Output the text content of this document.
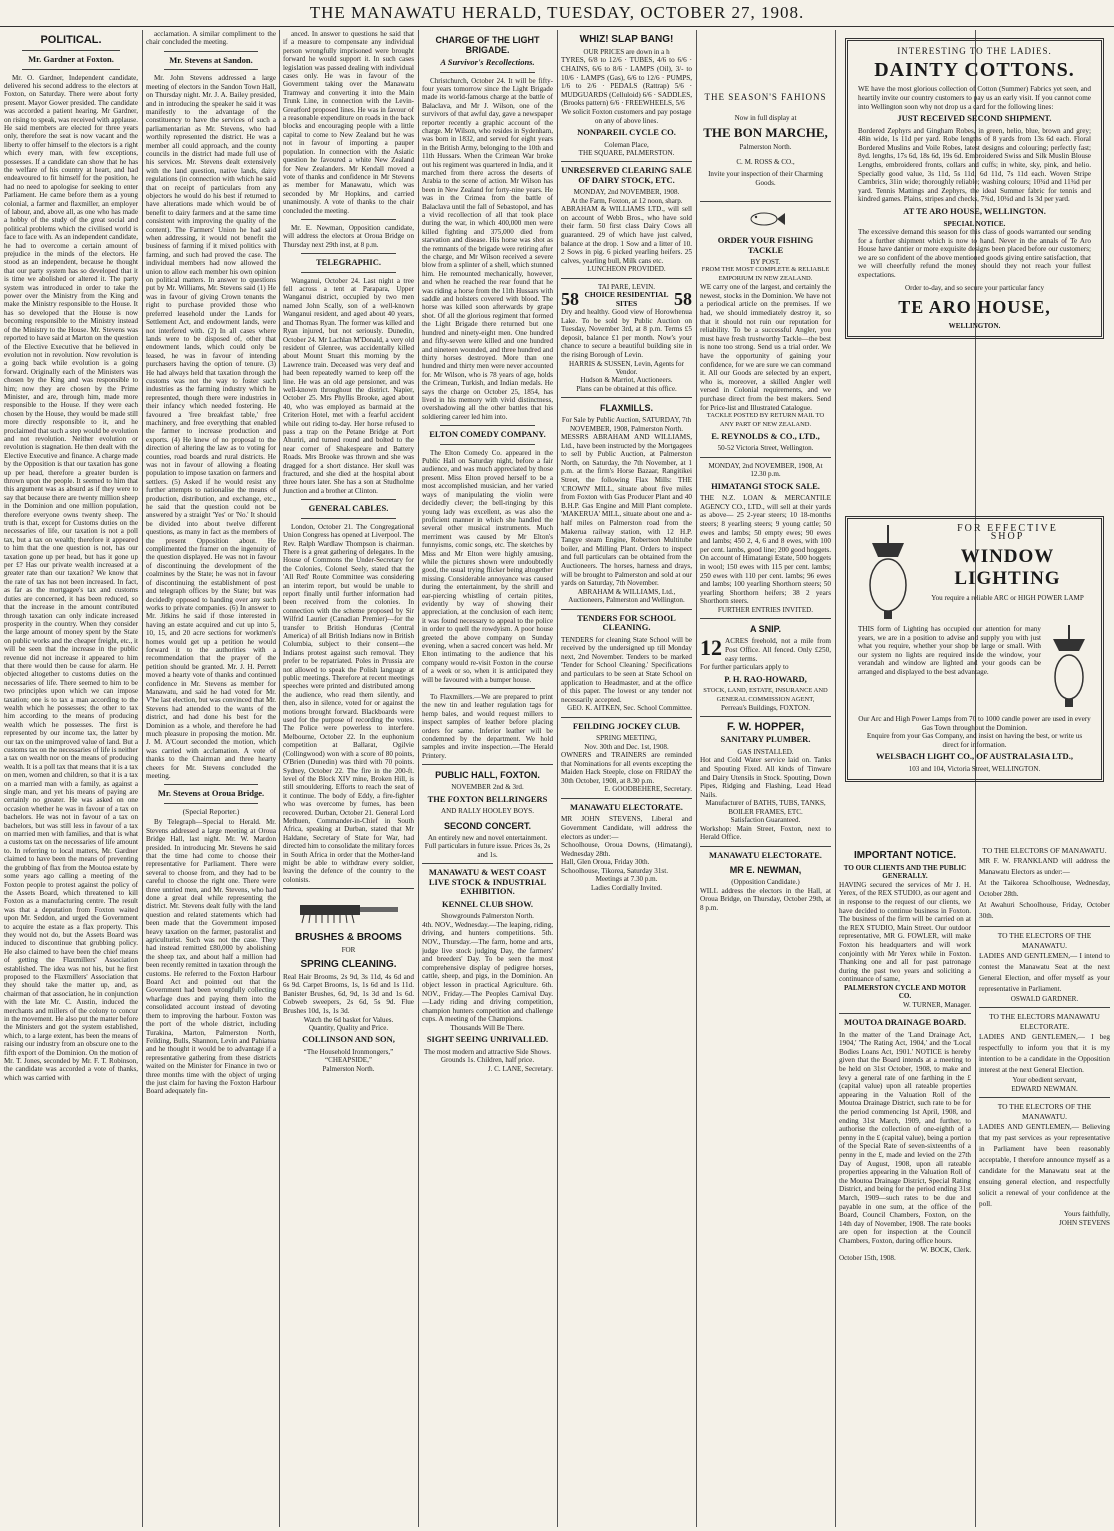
THE MANAWATU HERALD, TUESDAY, OCTOBER 27, 1908.
POLITICAL.
Mr. Gardner at Foxton.

Mr. O. Gardner, Independent candidate, delivered his second address to the electors at Foxton, on Saturday. There were about forty present. Mayor Gower presided. The candidate was accorded a patient hearing. Mr Gardner, on rising to speak, was received with applause. He said members are elected for three years only, therefore the seat is now vacant and the liberty to offer himself to the electors is a right which every man, with few exceptions, possesses. If a candidate can show that he has the welfare of his country at heart, and had endeavoured to fit himself for the position, he had no need to apologise for seeking to enter Parliament. He came before them as a young colonial, a farmer and flaxmiller, an employer of labour, and, above all, as one who has made a hobby of the study of the great social and political problems which the civilised world is face to face with. As an independent candidate, he had to overcome a certain amount of prejudice in the minds of the electors. He stood as an independent, because he thought that our party system has so developed that it is time we abolished or altered it. The party system was introduced in order to take the power over the Ministry from the King and make the Ministry responsible to the House. It has so developed that the House is now becoming responsible to the Ministry instead of the Ministry to the House. Mr. Stevens was reported to have said at Marton on the question of the Elective Executive that he believed in evolution not in revolution. Now revolution is a going back while evolution is a going forward. Originally each of the Ministers was chosen by the King and was responsible to him; now they are chosen by the Prime Minister, and are, through him, made more responsible to the House. If they were each chosen by the House, they would be made still more directly responsible to it, and he proclaimed that such a step would be evolution and not revolution. Neither evolution or revolution is stagnation. He then dealt with the Elective Executive and finance. A charge made by the Opposition is that our taxation has gone up per head, therefore a greater burden is thrown upon the people. It seemed to him that this argument was as absurd as if they were to say that because there are twenty million sheep in the Dominion and one million population, therefore everyone owns twenty sheep. The truth is that, except for Customs duties on the necessaries of life, our taxation is not a poll tax, but a tax on wealth; therefore it appeared to him that the one question is not, has our taxation gone up per head, but has it gone up per £? Has our private wealth increased at a greater rate than our taxation? We know that the rate of tax has not been increased. In fact, as far as the mortgagee's tax and customs duties are concerned, it has been reduced, so that the increase in the amount contributed through taxation can only indicate increased prosperity in the country. When they consider the large amount of money spent by the State on public works and the cheaper freight, etc., it will be seen that the increase in the public revenue did not increase it appeared to him that there would then be cause for alarm. He objected altogether to customs duties on the necessaries of life. There seemed to him to be two principles upon which we can impose taxation; one is to tax a man according to the wealth which he possesses; the other to tax him according to the means of producing wealth which he possesses. The first is represented by our income tax, the latter by our tax on the unimproved value of land. But a customs tax on the necessaries of life is neither a tax on wealth nor on the means of producing wealth. It is a poll tax that means that it is a tax on men, women and children, so that it is a tax on a married man with a family, as against a single man, and yet his means of paying are certainly no greater. He was asked on one occasion whether he was in favour of a tax on bachelors. He was not in favour of a tax on bachelors, but was still less in favour of a tax on married men with families, and that is what a customs tax on the necessaries of life amount to. In referring to local matters, Mr. Gardner claimed to have been the means of preventing the grubbing of flax from the Moutoa estate by some years ago calling a meeting of the Foxton people to protest against the policy of the Assets Board, which threatened to kill Foxton as a manufacturing centre. The result was that a deputation from Foxton waited upon Mr. Seddon, and urged the Government to acquire the estate as a flax property. This they would not do, but the Assets Board was induced to discontinue that grubbing policy. He also claimed to have been the chief means of getting the Flaxmillers' Association established. The idea was not his, but he first proposed to the Flaxmillers' Association that they should take the matter up, and, as chairman of that association, he in conjunction with the late Mr. C. Austin, induced the merchants and millers of the colony to concur in the movement. He also put the matter before the Ministers and got the system established, which, to a large extent, has been the means of raising our industry from an obscure one to the fifth export of the Dominion. On the motion of Mr. T. Jones, seconded by Mr. F. T. Robinson, the candidate was accorded a vote of thanks, which was carried with

acclamation. A similar compliment to the chair concluded the meeting.

Mr. Stevens at Sandon.

Mr. John Stevens addressed a large meeting of electors in the Sandon Town Hall, on Thursday night. Mr. J. A. Bailey presided, and in introducing the speaker he said it was manifestly to the advantage of the constituency to have the services of such a parliamentarian as Mr. Stevens, who had worthily represented the district. He was a member all could approach, and the county councils in the district had made full use of his services. Mr. Stevens dealt extensively with the land question, native lands, dairy regulations (in connection with which he said that on receipt of particulars from any objectors he would do his best if returned to have alterations made which would be of benefit to dairy farmers and at the same time consistent with improving the quality of the content). The Farmers' Union he had said when addressing, it would not benefit the business of farming if it mixed politics with farming, and such had proved the case. The individual members had now allowed the union to allow each member his own opinion on political matters. In answer to questions put by Mr. Williams, Mr. Stevens said (1) He was in favour of giving Crown tenants the right to purchase provided those who preferred leasehold under the Lands for Settlement Act, and endowment lands, were not interfered with. (2) In all cases where lands were to be disposed of, other that endowment lands, which could only be leased, he was in favour of intending purchasers having the option of tenure. (3) He had always held that taxation through the customs was not the way to foster such industries as the farming industry which he represented, though there were industries in their infancy which needed fostering. He favoured a 'free breakfast table,' free machinery, and free everything that enabled the farmer to increase production and exports. (4) He knew of no proposal to the direction of altering the law as to voting for counties, road boards and rural districts. He was not in favour of allowing a floating population to impose taxation on farmers and settlers. (5) Asked if he would resist any further attempts to nationalise the means of production, distribution, and exchange, etc., he said that the question could not be answered by a straight 'Yes' or 'No.' It should be divided into about twelve different questions, as many in fact as the members of the present Opposition about. He complimented the framer on the ingenuity of the question displayed. He was not in favour of discontinuing the development of the coalmines by the State; he was not in favour of discontinuing the establishment of post and telegraph offices by the State; but was decidedly opposed to handing over any such works to private companies. (6) In answer to Mr. Jitkins he said if those interested in having an estate acquired and cut up into 5, 10, 15, and 20 acre sections for workmen's homes would get up a petition he would forward it to the authorities with a recommendation that the prayer of the petition should be granted. Mr. J. H. Perrett moved a hearty vote of thanks and continued confidence in Mr. Stevens as member for Manawatu, and said he had voted for Mr. V'he last election, but was convinced that Mr. Stevens had attended to the wants of the district, and had done his best for the Dominion as a whole, and therefore he had much pleasure in proposing the motion. Mr. J. M. A'Court seconded the motion, which was carried with acclamation. A vote of thanks to the Chairman and three hearty cheers for Mr. Stevens concluded the meeting.

Mr. Stevens at Oroua Bridge.
(Special Reporter.)

By Telegraph—Special to Herald. Mr. Stevens addressed a large meeting at Oroua Bridge Hall, last night. Mr. W. Mardon presided. In introducing Mr. Stevens he said that the time had come to choose their representative for Parliament. There were several to choose from, and they had to be careful to choose the right one. There were three untried men, and Mr. Stevens, who had done a great deal while representing the district. Mr. Stevens dealt fully with the land question and related statements which had been made that the Government imposed heavy taxation on the farmer, pastoralist and agriculturist. Such was not the case. They had instead remitted £80,000 by abolishing the sheep tax, and about half a million had been recently remitted in taxation through the customs. He referred to the Foxton Harbour Board Act and pointed out that the Government had been wrongfully collecting wharfage dues and paying them into the consolidated account instead of devoting them to improving the harbour. Foxton was the port of the whole district, including Turakina, Marton, Palmerston North, Feilding, Bulls, Shannon, Levin and Pahiatua and he thought it would be to advantage if a representative gathering from these districts waited on the Minister for Finance in two or three months time with the object of urging the just claim for having the Foxton Harbour Board adequately fin-

anced. In answer to questions he said that if a measure to compensate any individual person wrongfully imprisoned were brought forward he would support it. In such cases legislation was passed dealing with individual cases only. He was in favour of the Government taking over the Manawatu Tramway and converting it into the Main Trunk Line, in connection with the Levin-Greatford proposed lines. He was in favour of a reasonable expenditure on roads in the back blocks and encouraging people with a little capital to come to New Zealand but he was not in favour of importing a pauper population. In connection with the Asiatic question he favoured a white New Zealand for New Zealanders. Mr Kendall moved a vote of thanks and confidence in Mr Stevens as member for Manawatu, which was seconded by Mr Hopkins, and carried unanimously. A vote of thanks to the chair concluded the meeting.

Mr. E. Newman, Opposition candidate, will address the electors at Oroua Bridge on Thursday next 29th inst, at 8 p.m.

TELEGRAPHIC.

Wanganui, October 24. Last night a tree fell across a tent at Parapara, Upper Wanganui district, occupied by two men named John Scally, son of a well-known Wanganui resident, and aged about 40 years, and Thomas Ryan. The former was killed and Ryan injured, but not seriously. Dunedin, October 24. Mr Lachlan M'Donald, a very old resident of Glenree, was accidentally killed about Mount Stuart this morning by the Lawrence train. Deceased was very deaf and had been repeatedly warned to keep off the line. He was an old age pensioner, and was well-known throughout the district. Napier, October 25. Mrs Phyllis Brooke, aged about 40, who was employed as barmaid at the Criterion Hotel, met with a fearful accident while out riding to-day. Her horse refused to pass a trap on the Petane Bridge at Port Ahuriri, and turned round and bolted to the near corner of Shakespeare and Battery Roads. Mrs Brooke was thrown and she was dragged for a short distance. Her skull was fractured, and she died at the hospital about three hours later. She has a son at Studholme Junction and a brother at Clinton.

GENERAL CABLES.

London, October 21. The Congregational Union Congress has opened at Liverpool. The Rev. Ralph Wardlaw Thompson is chairman. There is a great gathering of delegates. In the House of Commons the Under-Secretary for the Colonies, Colonel Seely, stated that the 'All Red' Route Committee was considering an interim report, but would be unable to report finally until further information had been received from the colonies. In connection with the scheme proposed by Sir Wilfrid Laurier (Canadian Premier)—for the transfer to British Honduras (Central America) of all British Indians now in British Columbia, subject to their consent—the Indians protest against such removal. They prefer to be repatriated. Poles in Prussia are not allowed to speak the Polish language at public meetings. Therefore at recent meetings speeches were printed and distributed among the audience, who read them silently, and then, also in silence, voted for or against the motions brought forward. Blackboards were used for the purpose of recording the votes. The Police were powerless to interfere. Melbourne, October 22. In the euphonium competition at Ballarat, Ogilvie (Collingwood) won with a score of 80 points, O'Brien (Dunedin) was third with 70 points. Sydney, October 22. The fire in the 200-ft. level of the Block XIV mine, Broken Hill, is still smouldering. Efforts to reach the seat of it continue. The body of Eddy, a fire-fighter who was overcome by fumes, has been recovered. Durban, October 21. General Lord Methuen, Commander-in-Chief in South Africa, speaking at Durban, stated that Mr Haldane, Secretary of State for War, had directed him to consolidate the military forces in South Africa in order that the Mother-land might be able to withdraw every soldier, leaving the defence of the country to the colonists.

BRUSHES & BROOMS
FOR
SPRING CLEANING.
Real Hair Brooms, 2s 9d, 3s 11d, 4s 6d and 6s 9d. Carpet Brooms, 1s, 1s 6d and 1s 11d. Banister Brushes, 6d, 9d, 1s 3d and 1s 6d. Cobweb sweepers, 2s 6d, 5s 9d. Flue Brushes 10d, 1s, 1s 3d.
Watch the 6d basket for Values.
Quantity, Quality and Price.
COLLINSON AND SON,
“The Household Ironmongers,”
“CHEAPSIDE,”
Palmerston North.
CHARGE OF THE LIGHT BRIGADE.
A Survivor's Recollections.

Christchurch, October 24. It will be fifty-four years tomorrow since the Light Brigade made its world-famous charge at the battle of Balaclava, and Mr J. Wilson, one of the survivors of that awful day, gave a newspaper reporter recently a graphic account of the charge. Mr Wilson, who resides in Sydenham, was born in 1832, and served for eight years in the British Army, belonging to the 10th and 11th Hussars. When the Crimean War broke out his regiment was quartered in India, and it marched from there across the deserts of Arabia to the scene of action. Mr Wilson has been in New Zealand for forty-nine years. He was in the Crimea from the battle of Balaclava until the fall of Sebastopol, and has a vivid recollection of all that took place during the war, in which 400,000 men were killed fighting and 375,000 died from starvation and disease. His horse was shot as the remnants of the brigade were retiring after the charge, and Mr Wilson received a severe blow from a splinter of a shell, which stunned him. He remounted mechanically, however, and when he reached the rear found that he was riding a horse from the 11th Hussars with saddle and holsters covered with blood. The horse was killed soon afterwards by grape shot. Of all the glorious regiment that formed the Light Brigade there returned but one hundred and ninety-eight men. One hundred and fifty-seven were killed and one hundred and nineteen wounded, and three hundred and thirty horses destroyed. More than one hundred and thirty men were never accounted for. Mr Wilson, who is 78 years of age, holds the Crimean, Turkish, and Indian medals. He says the charge on October 25, 1854, has lived in his memory with vivid distinctness, overshadowing all the other battles that his soldiering career led him into.

ELTON COMEDY COMPANY.

The Elton Comedy Co. appeared in the Public Hall on Saturday night, before a fair audience, and was much appreciated by those present. Miss Elton proved herself to be a most accomplished musician, and her varied ways of manipulating the violin were decidedly clever; the bell-ringing by this young lady was excellent, as was also the proficient manner in which she handled the several other musical instruments. Much merriment was caused by Mr Elton's funnyisms, comic songs, etc. The sketches by Miss and Mr Elton were highly amusing, while the pictures shown were undoubtedly good, the usual trying flicker being altogether missing. Considerable annoyance was caused during the entertainment, by the shrill and ear-piercing whistling of certain pitites, evidently by way of showing their appreciation, at the conclusion of each item; it was found necessary to appeal to the police in order to quell the rowdyism. A poor house greeted the above company on Sunday evening, when a sacred concert was held. Mr Elton intimating to the audience that his company would re-visit Foxton in the course of a week or so, when it is anticipated they will be favoured with a bumper house.

To Flaxmillers.—We are prepared to print the new tin and leather regulation tags for hemp bales, and would request millers to inspect samples of leather before placing orders for same. Inferior leather will be condemned by the department. We hold samples and invite inspection.—The Herald Printery.

PUBLIC HALL, FOXTON.
NOVEMBER 2nd & 3rd.
THE FOXTON BELLRINGERS
AND RALLY HOOLEY BOYS.
SECOND CONCERT.
An entirely new and novel entertainment. Full particulars in future issue. Prices 3s, 2s and 1s.
MANAWATU & WEST COAST LIVE STOCK & INDUSTRIAL EXHIBITION.
KENNEL CLUB SHOW.
Showgrounds Palmerston North.
4th. NOV., Wednesday.—The leaping, riding, driving, and hunters competitions. 5th. NOV., Thursday.—The farm, home and arts, judge live stock judging Day, the farmers' and breeders' Day. To be seen the most comprehensive display of pedigree horses, cattle, sheep, and pigs, in the Dominion. An object lesson in practical Agriculture. 6th. NOV., Friday.—The Peoples Carnival Day.—Lady riding and driving competition, champion hunters competition and challenge cups. A meeting of the Champions.
Thousands Will Be There.
SIGHT SEEING UNRIVALLED.
The most modern and attractive Side Shows.
Grounds 1s. Children, half price.
J. C. LANE, Secretary.
WHIZ! SLAP BANG!
OUR PRICES are down in a h
TYRES, 6/8 to 12/6 · TUBES, 4/6 to 6/6 · CHAINS, 6/6 to 8/6 · LAMPS (Oil), 3/- to 10/6 · LAMPS (Gas), 6/6 to 12/6 · PUMPS, 1/6 to 2/6 · PEDALS (Rattrap) 5/6 · MUDGUARDS (Celluloid) 6/6 · SADDLES, (Brooks pattern) 6/6 · FREEWHEELS, 5/6
We solicit Foxton customers and pay postage on any of above lines.
NONPAREIL CYCLE CO.
Coleman Place,
THE SQUARE, PALMERSTON.
UNRESERVED CLEARING SALE OF DAIRY STOCK, ETC.
MONDAY, 2nd NOVEMBER, 1908.
At the Farm, Foxton, at 12 noon, sharp.
ABRAHAM & WILLIAMS LTD., will sell on account of Webb Bros., who have sold their farm. 50 first class Dairy Cows all guaranteed. 29 of which have just calved, balance at the drop. 1 Sow and a litter of 10. 2 Sows in pig. 6 picked yearling heifers. 25 calves, yearling bull, Milk cans etc.
LUNCHEON PROVIDED.
TAI PARE, LEVIN.
58 CHOICE RESIDENTIAL SITES	58
Dry and healthy. Good view of Horowhenua Lake. To be sold by Public Auction on Tuesday, November 3rd, at 8 p.m. Terms £5 deposit, balance £1 per month. Now's your chance to secure a beautiful building site in the rising Borough of Levin.
HARRIS & SUSSEN, Levin, Agents for Vendor.
Hudson & Marriot, Auctioneers.
Plans can be obtained at this office.
FLAXMILLS.
For Sale by Public Auction, SATURDAY, 7th NOVEMBER, 1908, Palmerston North.
MESSRS ABRAHAM AND WILLIAMS, Ltd., have been instructed by the Mortgagees to sell by Public Auction, at Palmerston North, on Saturday, the 7th November, at 1 p.m. at the firm's Horse Bazaar, Rangitikei Street, the following Flax Mills: THE 'CROWN' MILL, situate about five miles from Foxton with Gas Producer Plant and 40 B.H.P. Gas Engine and Mill Plant complete. 'MAKERUA' MILL, situate about one and a-half miles on Palmerston road from the Makerua railway station, with 12 H.P. Tangye steam Engine, Robertson Multitube boiler, and Milling Plant. Orders to inspect and full particulars can be obtained from the Auctioneers. The horses, harness and drays, will be brought to Palmerston and sold at our yards on Saturday, 7th November.
ABRAHAM & WILLIAMS, Ltd., Auctioneers, Palmerston and Wellington.
TENDERS FOR SCHOOL CLEANING.
TENDERS for cleaning State School will be received by the undersigned up till Monday next, 2nd November. Tenders to be marked 'Tender for School Cleaning.' Specifications and particulars to be seen at State School on application to Headmaster, and at the office of this paper. The lowest or any tender not necessarily accepted.
GEO. K. AITKEN, Sec. School Committee.
FEILDING JOCKEY CLUB.
SPRING MEETING,
Nov. 30th and Dec. 1st, 1908.
OWNERS and TRAINERS are reminded that Nominations for all events excepting the Maiden Hack Steeple, close on FRIDAY the 30th October, 1908, at 8.30 p.m.
E. GOODBEHERE, Secretary.
MANAWATU ELECTORATE.
MR JOHN STEVENS, Liberal and Government Candidate, will address the electors as under:—
Schoolhouse, Oroua Downs, (Himatangi), Wednesday 28th.
Hall, Glen Oroua, Friday 30th.
Schoolhouse, Tikorea, Saturday 31st.
Meetings at 7.30 p.m.
Ladies Cordially Invited.
THE SEASON'S FAHIONS
Now in full display at
THE BON MARCHE,
Palmerston North.
C. M. ROSS & CO.,
Invite your inspection of their Charming Goods.
ORDER YOUR FISHING TACKLE
BY POST.
FROM THE MOST COMPLETE & RELIABLE EMPORIUM IN NEW ZEALAND.
WE carry one of the largest, and certainly the newest, stocks in the Dominion. We have not a periodical article on the premises. If we had, we should immediately destroy it, so that it should not ruin our reputation for reliability. To be a successful Angler, you must have fresh trustworthy Tackle—the best is none too strong. Send us a trial order. We have the opportunity of gaining your confidence, for we are sure we can command it. All our Goods are selected by an expert, who is, moreover, a skilled Angler well versed in Colonial requirements, and we purchase direct from the best makers. Send for Price-list and Illustrated Catalogue.
TACKLE POSTED BY RETURN MAIL TO ANY PART OF NEW ZEALAND.
E. REYNOLDS & CO., LTD.,
50-52 Victoria Street, Wellington.
MONDAY, 2nd NOVEMBER, 1908, At 12.30 p.m.
HIMATANGI STOCK SALE.
THE N.Z. LOAN & MERCANTILE AGENCY CO., LTD., will sell at their yards as above— 25 2-year steers; 10 18-months steers; 8 yearling steers; 9 young cattle; 50 ewes and lambs; 50 empty ewes; 90 ewes and lambs; 450 2, 4, 6 and 8 ewes, with 100 per cent. lambs, good line; 200 good hoggets. On account of Himatangi Estate, 500 hoggets in wool; 150 ewes with 115 per cent. lambs; 250 ewes with 110 per cent. lambs; 96 ewes and lambs; 100 yearling Shorthorn steers; 50 yearling Shorthorn heifers; 38 2 years Shorthorn steers.
FURTHER ENTRIES INVITED.
A SNIP.
12 ACRES freehold, not a mile from Post Office. All fenced. Only £250, easy terms.
For further particulars apply to
P. H. RAO-HOWARD,
STOCK, LAND, ESTATE, INSURANCE AND GENERAL COMMISSION AGENT,
Perreau's Buildings, FOXTON.
F. W. HOPPER,
SANITARY PLUMBER.
GAS INSTALLED.
Hot and Cold Water service laid on. Tanks and Spouting Fixed. All kinds of Tinware and Dairy Utensils in Stock. Spouting, Down Pipes, Ridging and Flashing, Lead Head Nails.
Manufacturer of BATHS, TUBS, TANKS, BOILER FRAMES, ETC.
Satisfaction Guaranteed.
Workshop: Main Street, Foxton, next to Herald Office.
MANAWATU ELECTORATE.
MR E. NEWMAN,
(Opposition Candidate.)
WILL address the electors in the Hall, at Oroua Bridge, on Thursday, October 29th, at 8 p.m.
INTERESTING TO THE LADIES.
DAINTY COTTONS.
WE have the most glorious collection of Cotton (Summer) Fabrics yet seen, and heartily invite our country customers to pay us an early visit. If you cannot come into Wellington soon why not drop us a card for the following lines:
JUST RECEIVED SECOND SHIPMENT.
Bordered Zephyrs and Gingham Robes, in green, helio, blue, brown and grey; 48in wide, 1s 11d per yard. Robe lengths of 8 yards from 13s 6d each. Floral Bordered Muslins and Voile Robes, latest designs and colouring; perfectly fast; 8yd. lengths, 17s 6d, 18s 6d, 19s 6d. Embroidered Swiss and Silk Muslin Blouse Lengths, embroidered fronts, collars and cuffs; in white, sky, pink, and helio. Specially good value, 3s 11d, 5s 11d, 6d 11d, 7s 11d each. Woven Stripe Cambrics, 31in wide; thoroughly reliable; washing colours; 10¾d and 11¾d per yard. Tennis Mattings and Zephyrs, the ideal Summer fabric for tennis and kindred games. Plains, stripes and checks, 7¾d, 10¾d and 1s 3d per yard.
AT TE ARO HOUSE, WELLINGTON.
SPECIAL NOTICE.
The excessive demand this season for this class of goods warranted our sending for a further shipment which is now to hand. Never in the annals of Te Aro House have dantier or more exquisite designs been placed before our customers; we are so confident of the above mentioned goods giving entire satisfaction, that we will cheerfully refund the money should they not reach your fullest expectations.
Order to-day, and so secure your particular fancy
TE ARO HOUSE,
WELLINGTON.
FOR EFFECTIVE
SHOP
WINDOW LIGHTING
You require a reliable ARC or HIGH POWER LAMP
THIS form of Lighting has occupied our attention for many years, we are in a position to advise and supply you with just what you require, whether your shop be large or small. With our system no lights are required inside the window, your verandah and window are lighted and your goods can be arranged and displayed to the best advantage.
Our Arc and High Power Lamps from 70 to 1000 candle power are used in every Gas Town throughout the Dominion.
Enquire from your Gas Company, and insist on having the best, or write us direct for information.
WELSBACH LIGHT CO., OF AUSTRALASIA LTD.,
103 and 104, Victoria Street, WELLINGTON.
IMPORTANT NOTICE.
TO OUR CLIENTS AND THE PUBLIC GENERALLY.
HAVING secured the services of Mr J. H. Yerex, of the REX STUDIO, as our agent and in response to the request of our clients, we have decided to continue business in Foxton. The business of the firm will be carried on at the REX STUDIO, Main Street. Our outdoor representative, MR G. FOWLER, will make Foxton his headquarters and will work conjointly with Mr Yerex while in Foxton. Thanking one and all for past patronage during the past two years and soliciting a continuance of same,
PALMERSTON CYCLE AND MOTOR CO.
W. TURNER, Manager.
MOUTOA DRAINAGE BOARD.
In the matter of the 'Land Drainage Act, 1904,' 'The Rating Act, 1904,' and the 'Local Bodies Loans Act, 1901.' NOTICE is hereby given that the Board intends at a meeting to be held on 31st October, 1908, to make and levy a general rate of one farthing in the £ (capital value) upon all rateable properties appearing in the Valuation Roll of the Moutoa Drainage District, such rate to be for the period commencing 1st April, 1908, and ending 31st March, 1909, and further, to authorise the collection of one-eighth of a penny in the £ (capital value), being a portion of the Special Rate of seven-sixteenths of a penny in the £, made and levied on the 27th Day of August, 1908, upon all rateable properties appearing in the Valuation Roll of the Moutoa Drainage District, Special Rating District, and being for the period ending 31st March, 1909—such rates to be due and payable in one sum, at the office of the Board, Council Chambers, Foxton, on the 14th day of November, 1908. The rate books are open for inspection at the Council Chambers, Foxton, during office hours.
W. BOCK, Clerk.
October 15th, 1908.
TO THE ELECTORS OF MANAWATU.
MR F. W. FRANKLAND will address the Manawatu Electors as under:—
At the Taikorea Schoolhouse, Wednesday, October 28th.
At Awahuri Schoolhouse, Friday, October 30th.
TO THE ELECTORS OF THE MANAWATU.
LADIES AND GENTLEMEN,— I intend to contest the Manawatu Seat at the next General Election, and offer myself as your representative in Parliament.
OSWALD GARDNER.
TO THE ELECTORS MANAWATU ELECTORATE.
LADIES AND GENTLEMEN,— I beg respectfully to inform you that it is my intention to be a candidate in the Opposition interest at the next General Election.
Your obedient servant,
EDWARD NEWMAN.
TO THE ELECTORS OF THE MANAWATU.
LADIES AND GENTLEMEN,— Believing that my past services as your representative in Parliament have been reasonably acceptable, I therefore announce myself as a candidate for the Manawatu seat at the ensuing general election, and respectfully solicit a renewal of your confidence at the poll.
Yours faithfully,
JOHN STEVENS
